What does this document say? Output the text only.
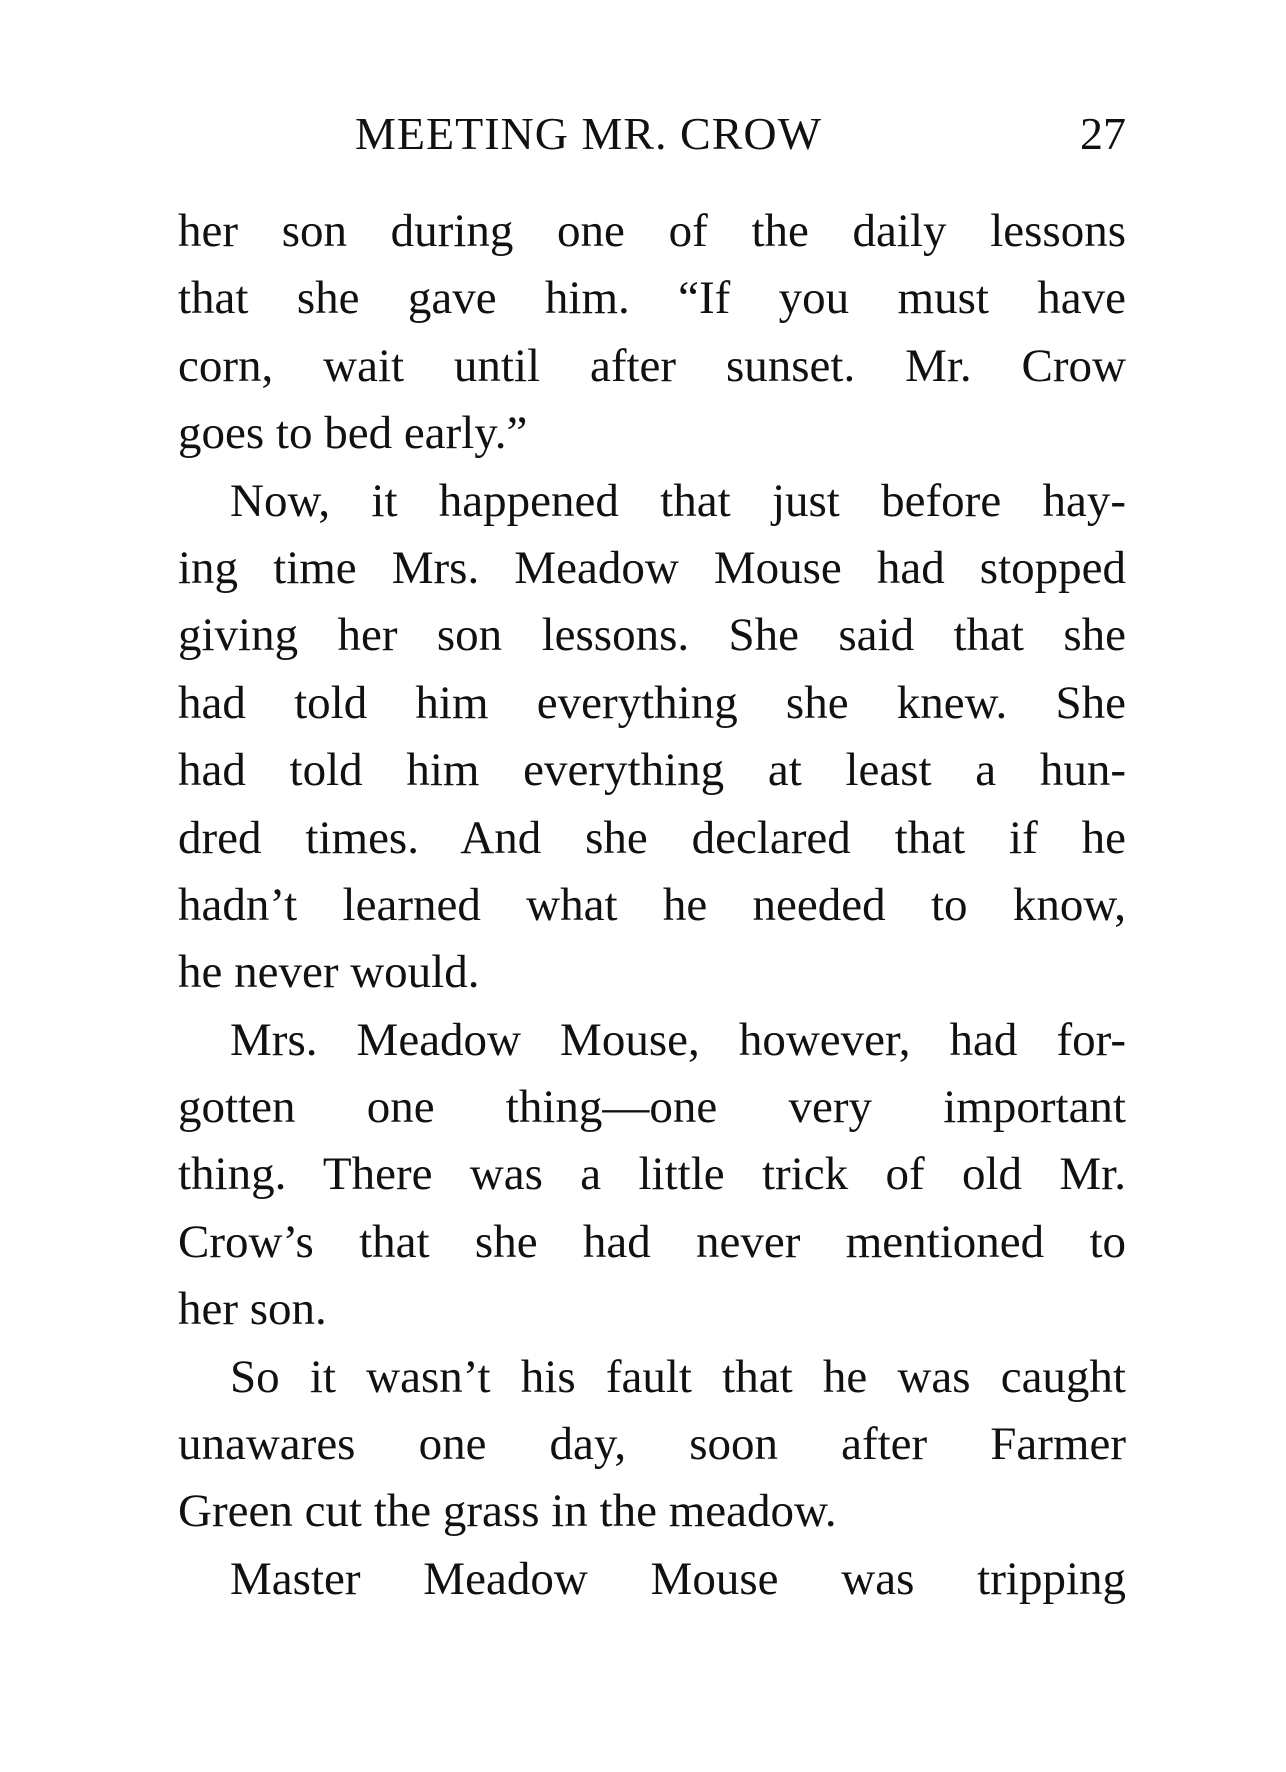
MEETING MR. CROW	27
her son during one of the daily lessons
that she gave him. “If you must have
corn, wait until after sunset. Mr. Crow
goes to bed early.”
Now, it happened that just before hay-
ing time Mrs. Meadow Mouse had stopped
giving her son lessons. She said that she
had told him everything she knew. She
had told him everything at least a hun-
dred times. And she declared that if he
hadn’t learned what he needed to know,
he never would.
Mrs. Meadow Mouse, however, had for-
gotten one thing—one very important
thing. There was a little trick of old Mr.
Crow’s that she had never mentioned to
her son.
So it wasn’t his fault that he was caught
unawares one day, soon after Farmer
Green cut the grass in the meadow.
Master Meadow Mouse was tripping
